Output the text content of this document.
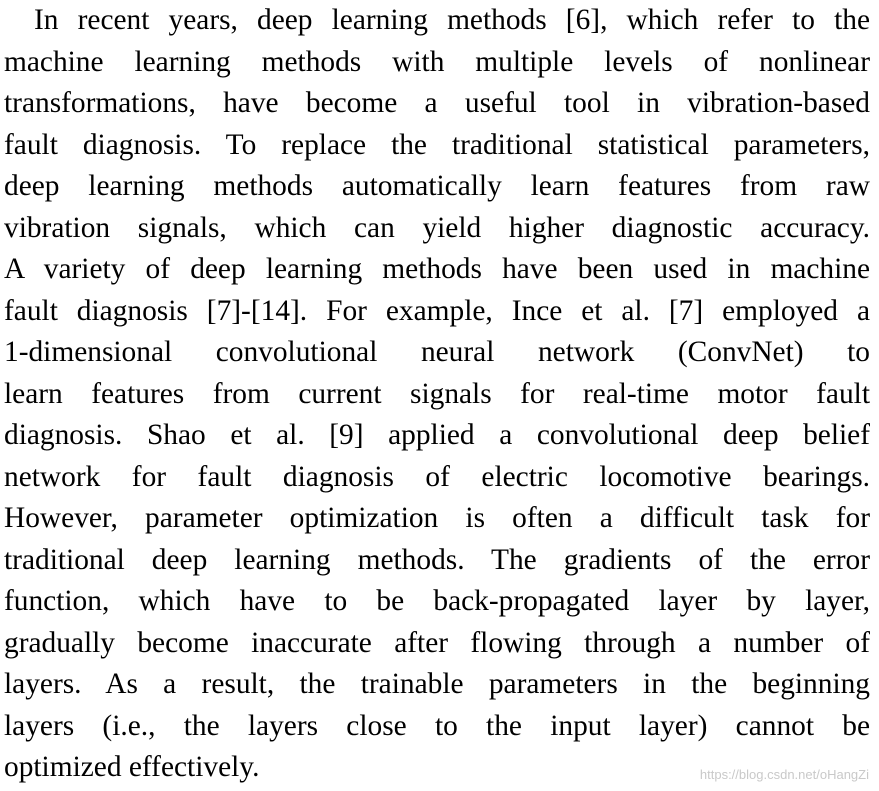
In recent years, deep learning methods [6], which refer to the
machine learning methods with multiple levels of nonlinear
transformations, have become a useful tool in vibration-based
fault diagnosis. To replace the traditional statistical parameters,
deep learning methods automatically learn features from raw
vibration signals, which can yield higher diagnostic accuracy.
A variety of deep learning methods have been used in machine
fault diagnosis [7]-[14]. For example, Ince et al. [7] employed a
1-dimensional convolutional neural network (ConvNet) to
learn features from current signals for real-time motor fault
diagnosis. Shao et al. [9] applied a convolutional deep belief
network for fault diagnosis of electric locomotive bearings.
However, parameter optimization is often a difficult task for
traditional deep learning methods. The gradients of the error
function, which have to be back-propagated layer by layer,
gradually become inaccurate after flowing through a number of
layers. As a result, the trainable parameters in the beginning
layers (i.e., the layers close to the input layer) cannot be
optimized effectively.	https://blog.csdn.net/oHangZi
